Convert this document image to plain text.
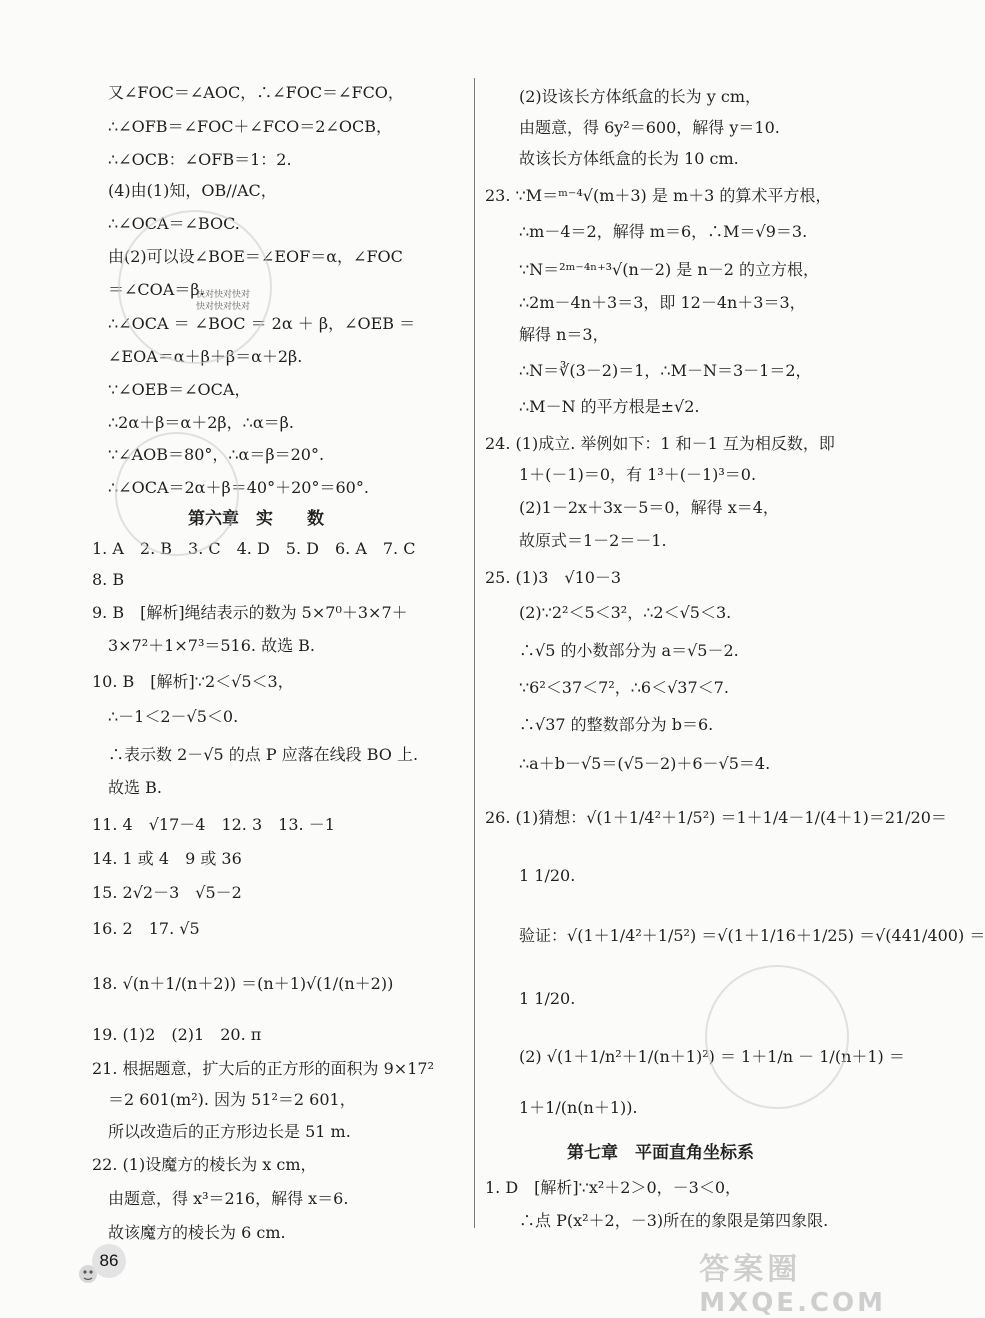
又∠FOC＝∠AOC，∴∠FOC＝∠FCO，
∴∠OFB＝∠FOC＋∠FCO＝2∠OCB，
∴∠OCB：∠OFB＝1：2.
(4)由(1)知，OB//AC，
∴∠OCA＝∠BOC.
由(2)可以设∠BOE＝∠EOF＝α，∠FOC
＝∠COA＝β.
∴∠OCA ＝ ∠BOC ＝ 2α ＋ β，∠OEB ＝
∠EOA＝α＋β＋β＝α＋2β.
∵∠OEB＝∠OCA，
∴2α＋β＝α＋2β，∴α＝β.
∵∠AOB＝80°，∴α＝β＝20°.
∴∠OCA＝2α＋β＝40°＋20°＝60°.
第六章　实　　数
1. A　2. B　3. C　4. D　5. D　6. A　7. C
8. B
9. B　[解析]绳结表示的数为 5×7⁰＋3×7＋
3×7²＋1×7³＝516. 故选 B.
10. B　[解析]∵2＜√5＜3，
∴－1＜2－√5＜0.
∴表示数 2－√5 的点 P 应落在线段 BO 上.
故选 B.
11. 4　√17－4　12. 3　13. －1
14. 1 或 4　9 或 36
15. 2√2－3　√5－2
16. 2　17. √5
18. √(n＋1/(n＋2)) ＝(n＋1)√(1/(n＋2))
19. (1)2　(2)1　20. π
21. 根据题意，扩大后的正方形的面积为 9×17²
＝2 601(m²). 因为 51²＝2 601，
所以改造后的正方形边长是 51 m.
22. (1)设魔方的棱长为 x cm，
由题意，得 x³＝216，解得 x＝6.
故该魔方的棱长为 6 cm.
(2)设该长方体纸盒的长为 y cm，
由题意，得 6y²＝600，解得 y＝10.
故该长方体纸盒的长为 10 cm.
23. ∵M＝ᵐ⁻⁴√(m＋3) 是 m＋3 的算术平方根，
∴m－4＝2，解得 m＝6，∴M＝√9＝3.
∵N＝²ᵐ⁻⁴ⁿ⁺³√(n－2) 是 n－2 的立方根，
∴2m－4n＋3＝3，即 12－4n＋3＝3，
解得 n＝3，
∴N＝∛(3－2)＝1，∴M－N＝3－1＝2，
∴M－N 的平方根是±√2.
24. (1)成立. 举例如下：1 和－1 互为相反数，即
1＋(－1)＝0，有 1³＋(－1)³＝0.
(2)1－2x＋3x－5＝0，解得 x＝4，
故原式＝1－2＝－1.
25. (1)3　√10－3
(2)∵2²＜5＜3²，∴2＜√5＜3.
∴√5 的小数部分为 a＝√5－2.
∵6²＜37＜7²，∴6＜√37＜7.
∴√37 的整数部分为 b＝6.
∴a＋b－√5＝(√5－2)＋6－√5＝4.
26. (1)猜想：√(1＋1/4²＋1/5²) ＝1＋1/4－1/(4＋1)＝21/20＝
1 1/20.
验证：√(1＋1/4²＋1/5²) ＝√(1＋1/16＋1/25) ＝√(441/400) ＝
1 1/20.
(2) √(1＋1/n²＋1/(n＋1)²) ＝ 1＋1/n － 1/(n＋1) ＝
1＋1/(n(n＋1)).
第七章　平面直角坐标系
1. D　[解析]∵x²＋2＞0，－3＜0，
∴点 P(x²＋2，－3)所在的象限是第四象限.
快对快对快对
快对快对快对
86	答案圈
MXQE.COM
